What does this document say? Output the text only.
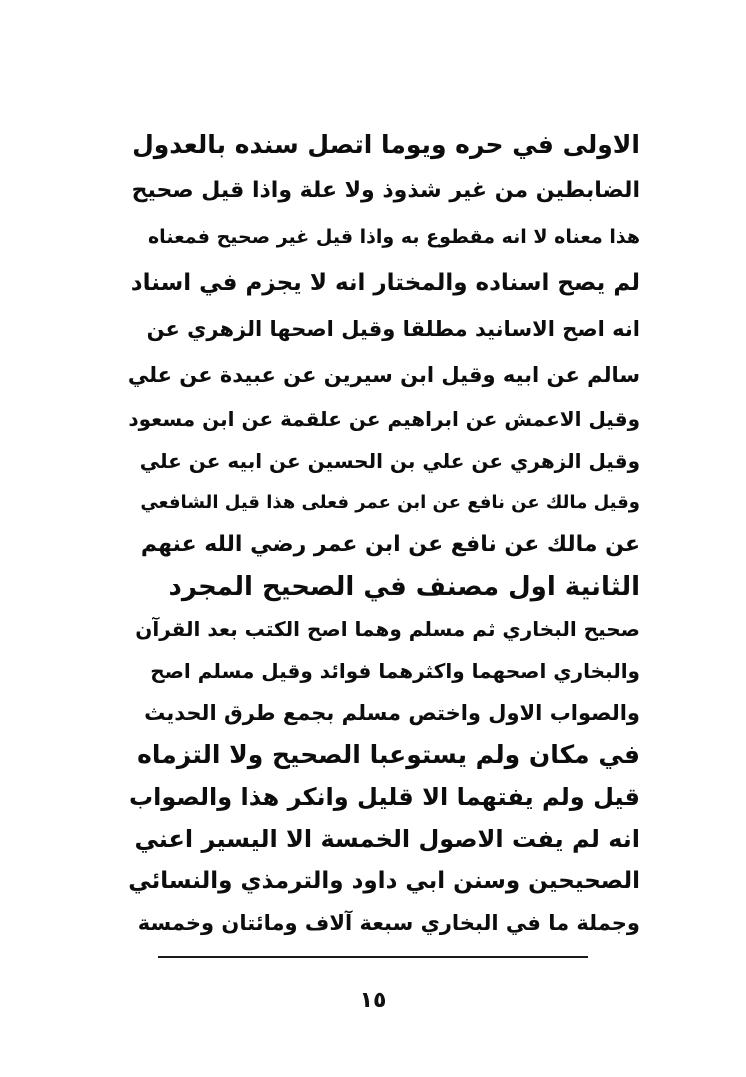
الاولى في حره ويوما اتصل سنده بالعدول
الضابطين من غير شذوذ ولا علة واذا قيل صحيح
هذا معناه لا انه مقطوع به واذا قيل غير صحيح فمعناه
لم يصح اسناده والمختار انه لا يجزم في اسناد
انه اصح الاسانيد مطلقا وقيل اصحها الزهري عن
سالم عن ابيه وقيل ابن سيرين عن عبيدة عن علي
وقيل الاعمش عن ابراهيم عن علقمة عن ابن مسعود
وقيل الزهري عن علي بن الحسين عن ابيه عن علي
وقيل مالك عن نافع عن ابن عمر فعلى هذا قيل الشافعي
عن مالك عن نافع عن ابن عمر رضي الله عنهم
الثانية اول مصنف في الصحيح المجرد
صحيح البخاري ثم مسلم وهما اصح الكتب بعد القرآن
والبخاري اصحهما واكثرهما فوائد وقيل مسلم اصح
والصواب الاول واختص مسلم بجمع طرق الحديث
في مكان ولم يستوعبا الصحيح ولا التزماه
قيل ولم يفتهما الا قليل وانكر هذا والصواب
انه لم يفت الاصول الخمسة الا اليسير اعني
الصحيحين وسنن ابي داود والترمذي والنسائي
وجملة ما في البخاري سبعة آلاف ومائتان وخمسة
١٥
